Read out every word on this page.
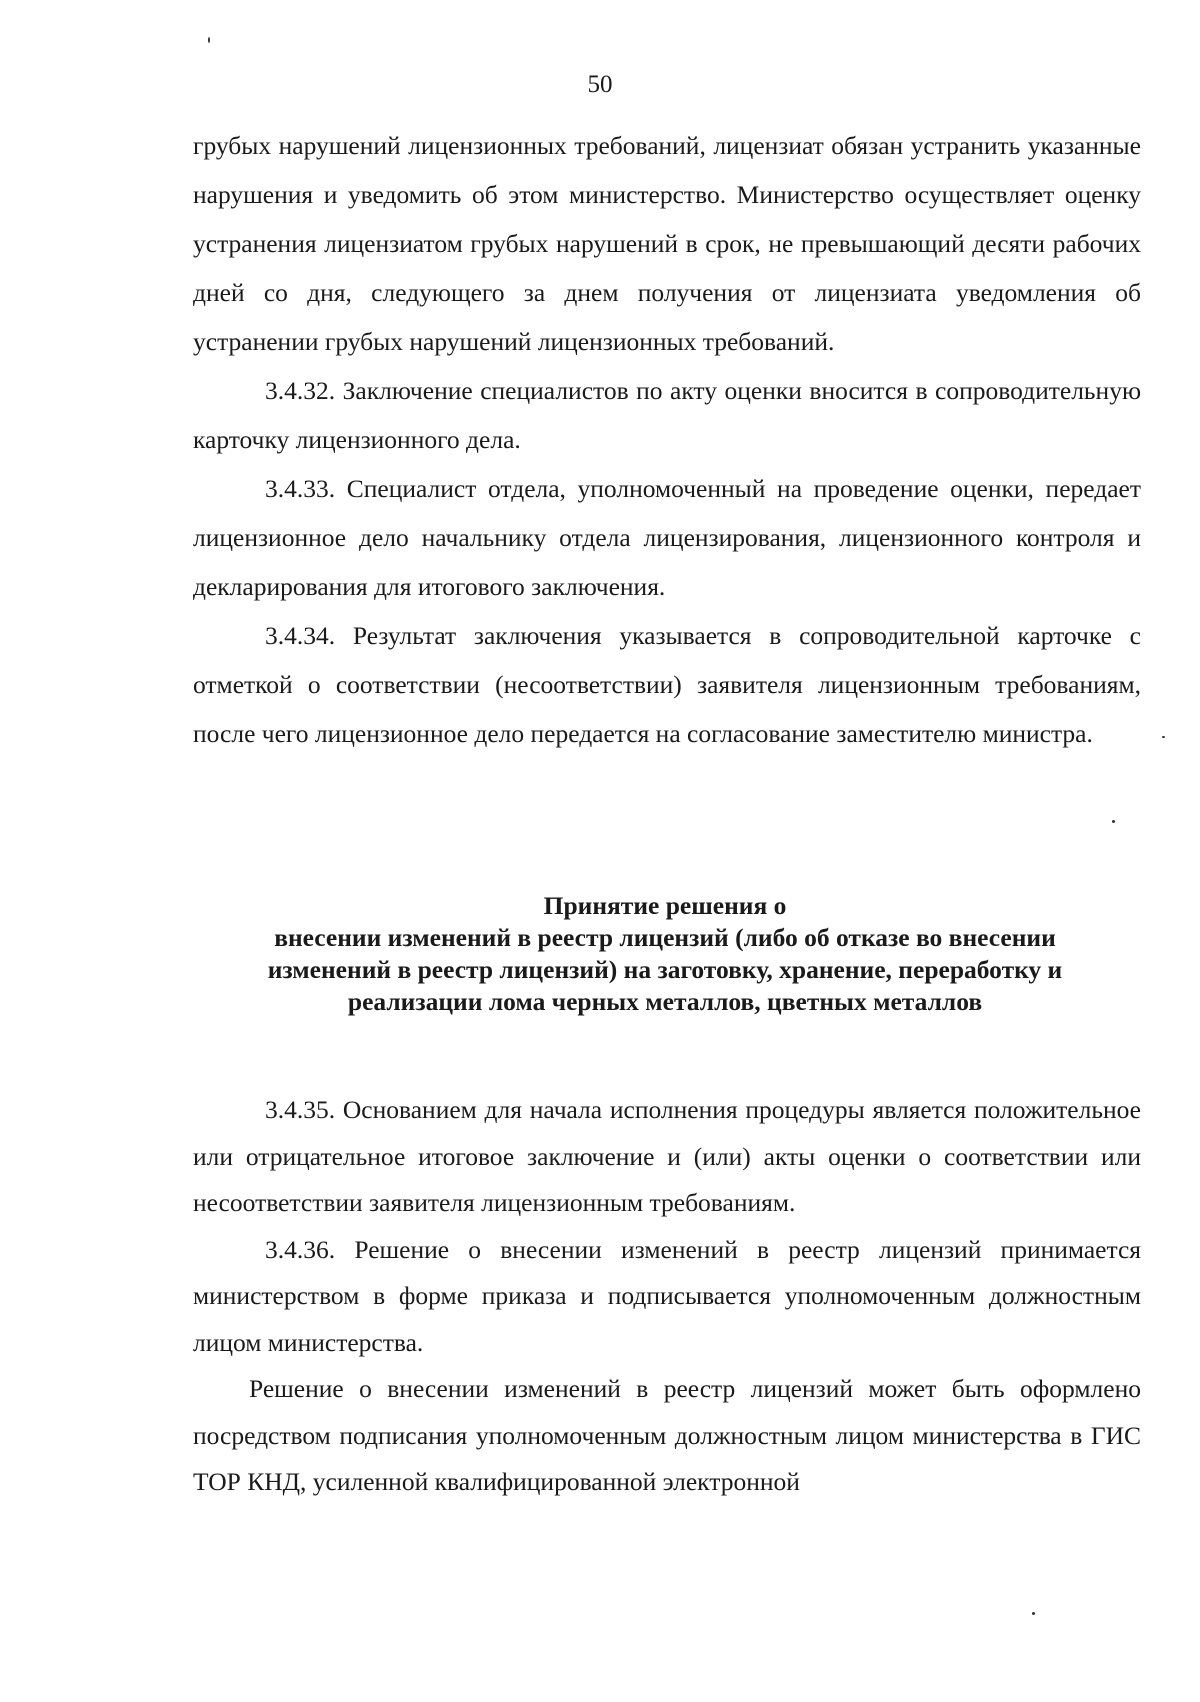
50

грубых нарушений лицензионных требований, лицензиат обязан устранить указанные нарушения и уведомить об этом министерство. Министерство осуществляет оценку устранения лицензиатом грубых нарушений в срок, не превышающий десяти рабочих дней со дня, следующего за днем получения от лицензиата уведомления об устранении грубых нарушений лицензионных требований.

3.4.32. Заключение специалистов по акту оценки вносится в сопроводительную карточку лицензионного дела.

3.4.33. Специалист отдела, уполномоченный на проведение оценки, передает лицензионное дело начальнику отдела лицензирования, лицензионного контроля и декларирования для итогового заключения.

3.4.34. Результат заключения указывается в сопроводительной карточке с отметкой о соответствии (несоответствии) заявителя лицензионным требованиям, после чего лицензионное дело передается на согласование заместителю министра.

Принятие решения о
внесении изменений в реестр лицензий (либо об отказе во внесении
изменений в реестр лицензий) на заготовку, хранение, переработку и
реализации лома черных металлов, цветных металлов

3.4.35. Основанием для начала исполнения процедуры является положительное или отрицательное итоговое заключение и (или) акты оценки о соответствии или несоответствии заявителя лицензионным требованиям.

3.4.36. Решение о внесении изменений в реестр лицензий принимается министерством в форме приказа и подписывается уполномоченным должностным лицом министерства.

Решение о внесении изменений в реестр лицензий может быть оформлено посредством подписания уполномоченным должностным лицом министерства в ГИС ТОР КНД, усиленной квалифицированной электронной
